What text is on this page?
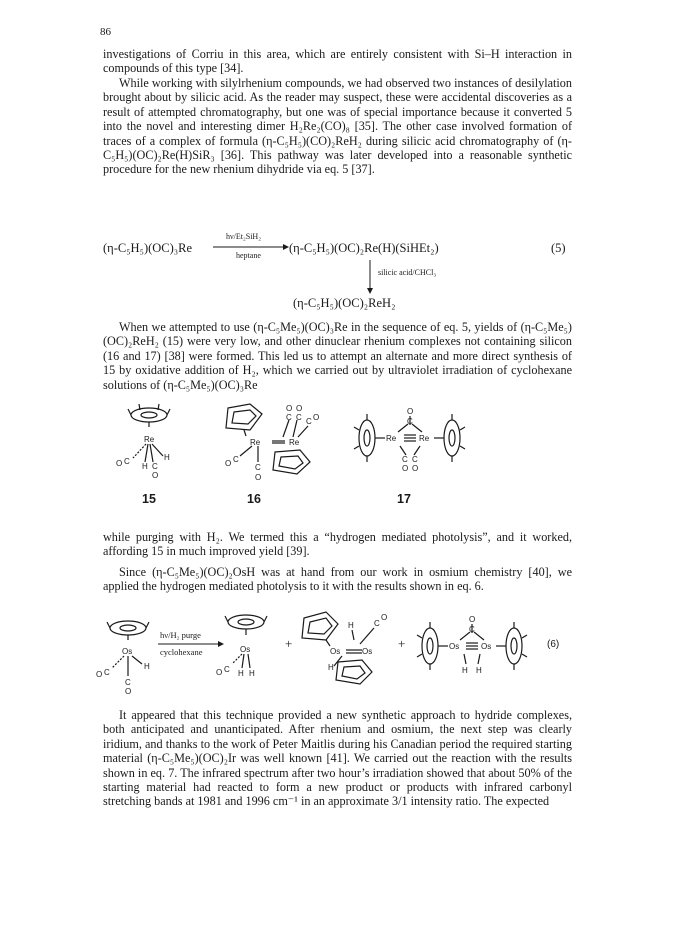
86

investigations of Corriu in this area, which are entirely consistent with Si–H interaction in compounds of this type [34].

While working with silylrhenium compounds, we had observed two instances of desilylation brought about by silicic acid. As the reader may suspect, these were accidental discoveries as a result of attempted chromatography, but one was of special importance because it converted 5 into the novel and interesting dimer H₂Re₂(CO)₈ [35]. The other case involved formation of traces of a complex of formula (η-C₅H₅)(CO)₂ReH₂ during silicic acid chromatography of (η-C₅H₅)(OC)₂Re(H)SiR₃ [36]. This pathway was later developed into a reasonable synthetic procedure for the new rhenium dihydride via eq. 5 [37].

(η-C₅H₅)(OC)₃Re
hν/Et₂SiH₂
heptane
(η-C₅H₅)(OC)₂Re(H)(SiHEt₂)
silicic acid/CHCl₃
(η-C₅H₅)(OC)₂ReH₂
(5)

When we attempted to use (η-C₅Me₅)(OC)₃Re in the sequence of eq. 5, yields of (η-C₅Me₅)(OC)₂ReH₂ (15) were very low, and other dinuclear rhenium complexes not containing silicon (16 and 17) [38] were formed. This led us to attempt an alternate and more direct synthesis of 15 by oxidative addition of H₂, which we carried out by ultraviolet irradiation of cyclohexane solutions of (η-C₅Me₅)(OC)₃Re

Re
C
O H C
H
O
Re	Re
O
C
O
C C O
C
O	C
O
Re	Re
O
C
C C
O O
15	16	17

while purging with H₂. We termed this a “hydrogen mediated photolysis”, and it worked, affording 15 in much improved yield [39].

Since (η-C₅Me₅)(OC)₂OsH was at hand from our work in osmium chemistry [40], we applied the hydrogen mediated photolysis to it with the results shown in eq. 6.

Os
C
O
H
C
O
Os
C
O H H
+
Os	Os
H	C
O
H
+	Os	Os
O
C
H H
hν/H₂ purge
cyclohexane
(6)

It appeared that this technique provided a new synthetic approach to hydride complexes, both anticipated and unanticipated. After rhenium and osmium, the next step was clearly iridium, and thanks to the work of Peter Maitlis during his Canadian period the required starting material (η-C₅Me₅)(OC)₂Ir was well known [41]. We carried out the reaction with the results shown in eq. 7. The infrared spectrum after two hour’s irradiation showed that about 50% of the starting material had reacted to form a new product or products with infrared carbonyl stretching bands at 1981 and 1996 cm⁻¹ in an approximate 3/1 intensity ratio. The expected
